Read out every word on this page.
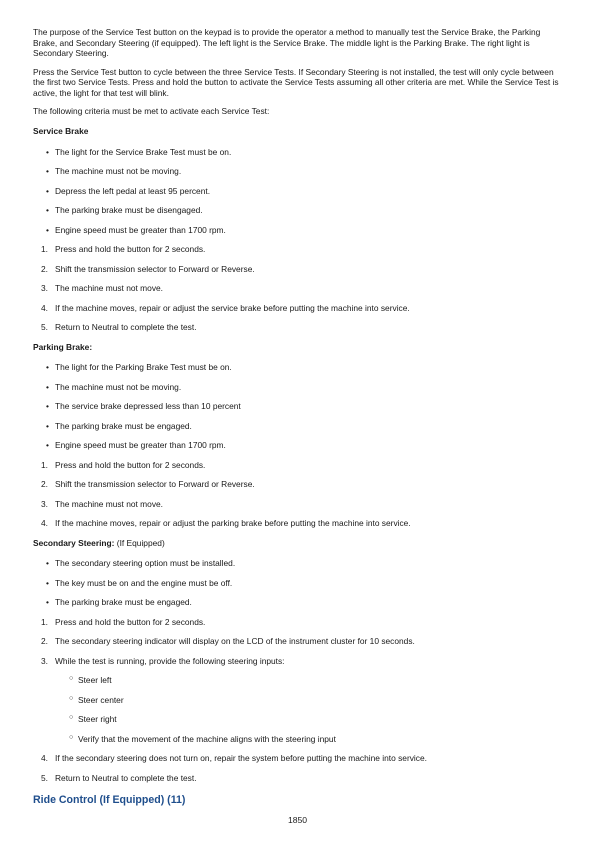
The purpose of the Service Test button on the keypad is to provide the operator a method to manually test the Service Brake, the Parking Brake, and Secondary Steering (if equipped). The left light is the Service Brake. The middle light is the Parking Brake. The right light is Secondary Steering.

Press the Service Test button to cycle between the three Service Tests. If Secondary Steering is not installed, the test will only cycle between the first two Service Tests. Press and hold the button to activate the Service Tests assuming all other criteria are met. While the Service Test is active, the light for that test will blink.

The following criteria must be met to activate each Service Test:

Service Brake
• The light for the Service Brake Test must be on.
• The machine must not be moving.
• Depress the left pedal at least 95 percent.
• The parking brake must be disengaged.
• Engine speed must be greater than 1700 rpm.
1. Press and hold the button for 2 seconds.
2. Shift the transmission selector to Forward or Reverse.
3. The machine must not move.
4. If the machine moves, repair or adjust the service brake before putting the machine into service.
5. Return to Neutral to complete the test.
Parking Brake:
• The light for the Parking Brake Test must be on.
• The machine must not be moving.
• The service brake depressed less than 10 percent
• The parking brake must be engaged.
• Engine speed must be greater than 1700 rpm.
1. Press and hold the button for 2 seconds.
2. Shift the transmission selector to Forward or Reverse.
3. The machine must not move.
4. If the machine moves, repair or adjust the parking brake before putting the machine into service.
Secondary Steering: (If Equipped)
• The secondary steering option must be installed.
• The key must be on and the engine must be off.
• The parking brake must be engaged.
1. Press and hold the button for 2 seconds.
2. The secondary steering indicator will display on the LCD of the instrument cluster for 10 seconds.
3. While the test is running, provide the following steering inputs:
○ Steer left
○ Steer center
○ Steer right
○ Verify that the movement of the machine aligns with the steering input
4. If the secondary steering does not turn on, repair the system before putting the machine into service.
5. Return to Neutral to complete the test.
Ride Control (If Equipped) (11)
1850
